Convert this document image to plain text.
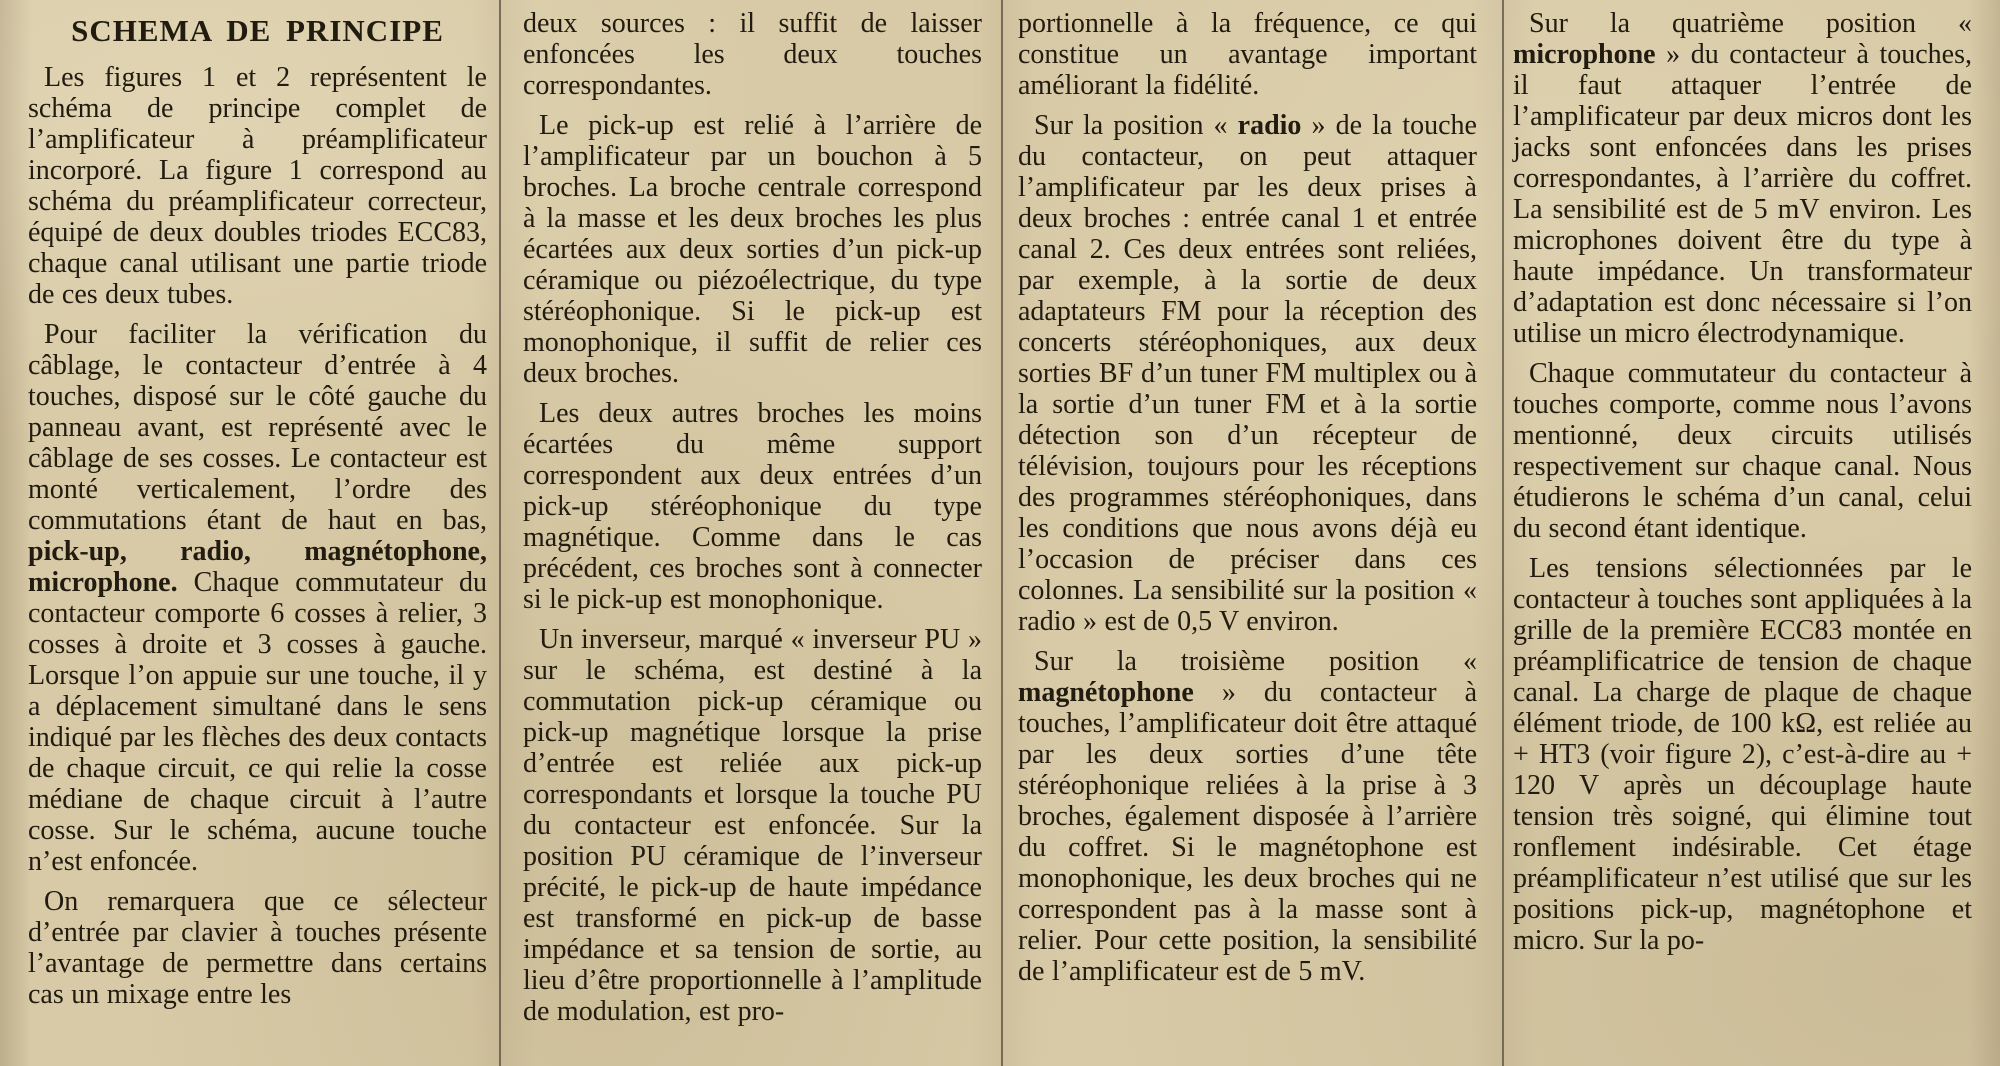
SCHEMA DE PRINCIPE

Les figures 1 et 2 représentent le schéma de principe complet de l’amplificateur à préamplificateur incorporé. La figure 1 correspond au schéma du préamplificateur correcteur, équipé de deux doubles triodes ECC83, chaque canal utilisant une partie triode de ces deux tubes.

Pour faciliter la vérification du câblage, le contacteur d’entrée à 4 touches, disposé sur le côté gauche du panneau avant, est représenté avec le câblage de ses cosses. Le contacteur est monté verticalement, l’ordre des commutations étant de haut en bas, pick-up, radio, magnétophone, microphone. Chaque commutateur du contacteur comporte 6 cosses à relier, 3 cosses à droite et 3 cosses à gauche. Lorsque l’on appuie sur une touche, il y a déplacement simultané dans le sens indiqué par les flèches des deux contacts de chaque circuit, ce qui relie la cosse médiane de chaque circuit à l’autre cosse. Sur le schéma, aucune touche n’est enfoncée.

On remarquera que ce sélecteur d’entrée par clavier à touches présente l’avantage de permettre dans certains cas un mixage entre les

deux sources : il suffit de laisser enfoncées les deux touches correspondantes.

Le pick-up est relié à l’arrière de l’amplificateur par un bouchon à 5 broches. La broche centrale correspond à la masse et les deux broches les plus écartées aux deux sorties d’un pick-up céramique ou piézoélectrique, du type stéréophonique. Si le pick-up est monophonique, il suffit de relier ces deux broches.

Les deux autres broches les moins écartées du même support correspondent aux deux entrées d’un pick-up stéréophonique du type magnétique. Comme dans le cas précédent, ces broches sont à connecter si le pick-up est monophonique.

Un inverseur, marqué « inverseur PU » sur le schéma, est destiné à la commutation pick-up céramique ou pick-up magnétique lorsque la prise d’entrée est reliée aux pick-up correspondants et lorsque la touche PU du contacteur est enfoncée. Sur la position PU céramique de l’inverseur précité, le pick-up de haute impédance est transformé en pick-up de basse impédance et sa tension de sortie, au lieu d’être proportionnelle à l’amplitude de modulation, est pro-

portionnelle à la fréquence, ce qui constitue un avantage important améliorant la fidélité.

Sur la position « radio » de la touche du contacteur, on peut attaquer l’amplificateur par les deux prises à deux broches : entrée canal 1 et entrée canal 2. Ces deux entrées sont reliées, par exemple, à la sortie de deux adaptateurs FM pour la réception des concerts stéréophoniques, aux deux sorties BF d’un tuner FM multiplex ou à la sortie d’un tuner FM et à la sortie détection son d’un récepteur de télévision, toujours pour les réceptions des programmes stéréophoniques, dans les conditions que nous avons déjà eu l’occasion de préciser dans ces colonnes. La sensibilité sur la position « radio » est de 0,5 V environ.

Sur la troisième position « magnétophone » du contacteur à touches, l’amplificateur doit être attaqué par les deux sorties d’une tête stéréophonique reliées à la prise à 3 broches, également disposée à l’arrière du coffret. Si le magnétophone est monophonique, les deux broches qui ne correspondent pas à la masse sont à relier. Pour cette position, la sensibilité de l’amplificateur est de 5 mV.

Sur la quatrième position « microphone » du contacteur à touches, il faut attaquer l’entrée de l’amplificateur par deux micros dont les jacks sont enfoncées dans les prises correspondantes, à l’arrière du coffret. La sensibilité est de 5 mV environ. Les microphones doivent être du type à haute impédance. Un transformateur d’adaptation est donc nécessaire si l’on utilise un micro électrodynamique.

Chaque commutateur du contacteur à touches comporte, comme nous l’avons mentionné, deux circuits utilisés respectivement sur chaque canal. Nous étudierons le schéma d’un canal, celui du second étant identique.

Les tensions sélectionnées par le contacteur à touches sont appliquées à la grille de la première ECC83 montée en préamplificatrice de tension de chaque canal. La charge de plaque de chaque élément triode, de 100 kΩ, est reliée au + HT3 (voir figure 2), c’est-à-dire au + 120 V après un découplage haute tension très soigné, qui élimine tout ronflement indésirable. Cet étage préamplificateur n’est utilisé que sur les positions pick-up, magnétophone et micro. Sur la po-
